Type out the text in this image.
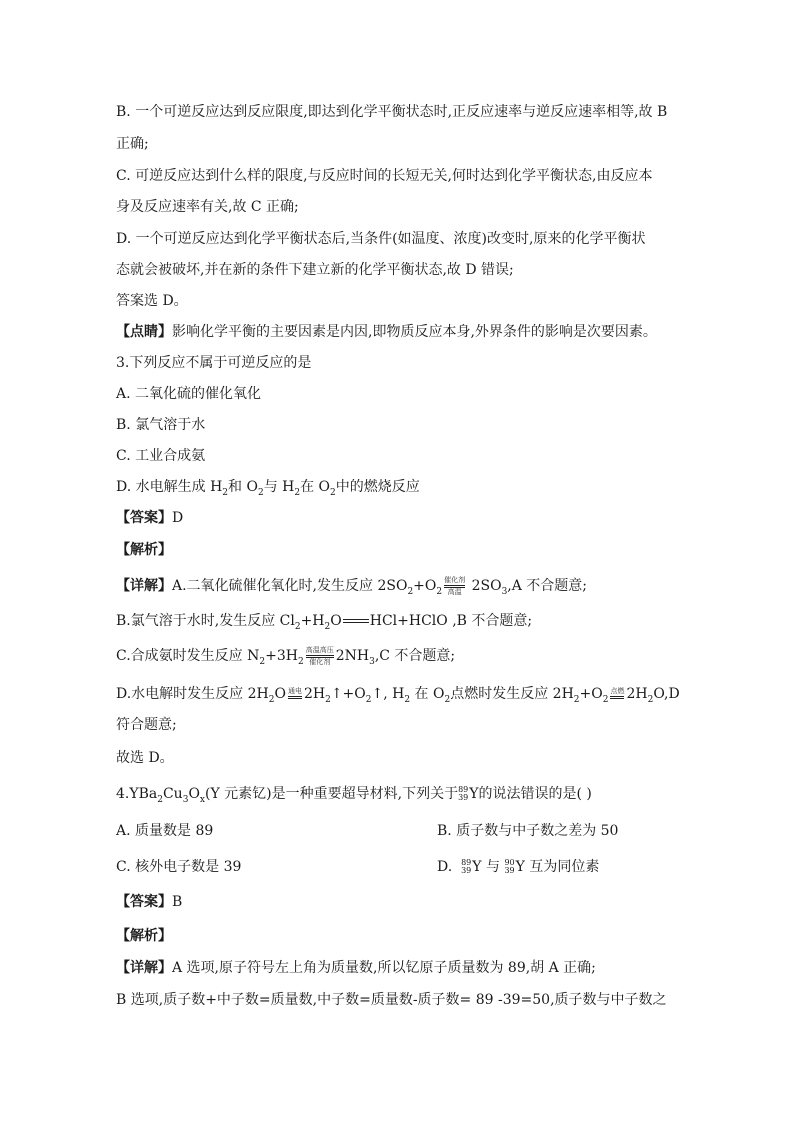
B. 一个可逆反应达到反应限度,即达到化学平衡状态时,正反应速率与逆反应速率相等,故 B
正确;
C. 可逆反应达到什么样的限度,与反应时间的长短无关,何时达到化学平衡状态,由反应本
身及反应速率有关,故 C 正确;
D. 一个可逆反应达到化学平衡状态后,当条件(如温度、浓度)改变时,原来的化学平衡状
态就会被破坏,并在新的条件下建立新的化学平衡状态,故 D 错误;
答案选 D。
【点睛】影响化学平衡的主要因素是内因,即物质反应本身,外界条件的影响是次要因素。
3.下列反应不属于可逆反应的是
A. 二氧化硫的催化氧化
B. 氯气溶于水
C. 工业合成氨
D. 水电解生成 $H_2$和 $O_2$与 $H_2$在 $O_2$中的燃烧反应
【答案】D
【解析】
【详解】A.二氧化硫催化氧化时,发生反应 $2SO_2+O_2$
催化剂
高温 $2SO_3,A$ 不合题意;
B.氯气溶于水时,发生反应 $Cl_2+H_2O$ HCl+HClO ,B 不合题意;
C.合成氨时发生反应 $N_2+3H_2$
高温高压
催化剂 $2NH_3,C$ 不合题意;
D.水电解时发生反应 $2H_2O$ 通电 $2H_2↑+O_2↑$, $H_2$ 在 $O_2$点燃时发生反应 $2H_2+O_2$
点燃 $2H_2O,D$
符合题意;
故选 D。
$4.YBa_2Cu_3O_x(Y$ 元素钇)是一种重要超导材料,下列关于 89
39 Y的说法错误的是( )
A. 质量数是 89	B. 质子数与中子数之差为 50
C. 核外电子数是 39	D. 89
39 Y 与 90
39 Y 互为同位素
【答案】B
【解析】
【详解】A 选项,原子符号左上角为质量数,所以钇原子质量数为 89,胡 A 正确;
B 选项,质子数+中子数=质量数,中子数=质量数-质子数= 89 -39=50,质子数与中子数之
